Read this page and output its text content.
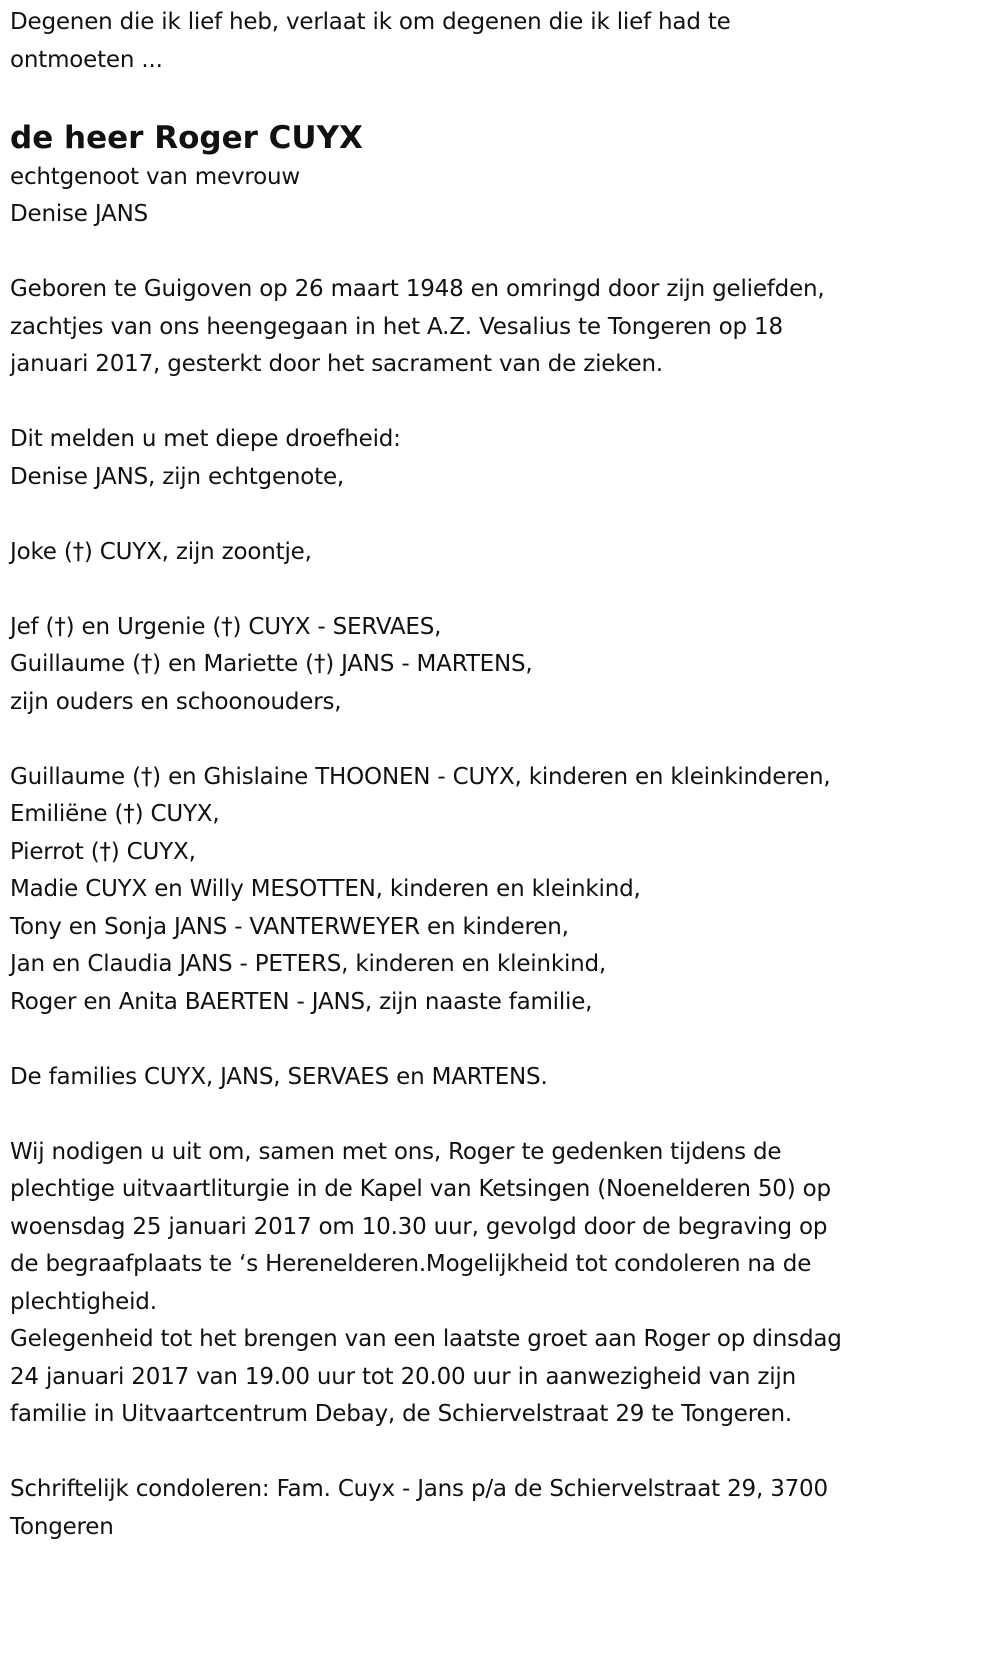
Degenen die ik lief heb, verlaat ik om degenen die ik lief had te
ontmoeten ...
de heer Roger CUYX
echtgenoot van mevrouw
Denise JANS
Geboren te Guigoven op 26 maart 1948 en omringd door zijn geliefden,
zachtjes van ons heengegaan in het A.Z. Vesalius te Tongeren op 18
januari 2017, gesterkt door het sacrament van de zieken.
Dit melden u met diepe droefheid:
Denise JANS, zijn echtgenote,
Joke (†) CUYX, zijn zoontje,
Jef (†) en Urgenie (†) CUYX - SERVAES,
Guillaume (†) en Mariette (†) JANS - MARTENS,
zijn ouders en schoonouders,
Guillaume (†) en Ghislaine THOONEN - CUYX, kinderen en kleinkinderen,
Emiliëne (†) CUYX,
Pierrot (†) CUYX,
Madie CUYX en Willy MESOTTEN, kinderen en kleinkind,
Tony en Sonja JANS - VANTERWEYER en kinderen,
Jan en Claudia JANS - PETERS, kinderen en kleinkind,
Roger en Anita BAERTEN - JANS, zijn naaste familie,
De families CUYX, JANS, SERVAES en MARTENS.
Wij nodigen u uit om, samen met ons, Roger te gedenken tijdens de
plechtige uitvaartliturgie in de Kapel van Ketsingen (Noenelderen 50) op
woensdag 25 januari 2017 om 10.30 uur, gevolgd door de begraving op
de begraafplaats te ‘s Herenelderen.Mogelijkheid tot condoleren na de
plechtigheid.
Gelegenheid tot het brengen van een laatste groet aan Roger op dinsdag
24 januari 2017 van 19.00 uur tot 20.00 uur in aanwezigheid van zijn
familie in Uitvaartcentrum Debay, de Schiervelstraat 29 te Tongeren.
Schriftelijk condoleren: Fam. Cuyx - Jans p/a de Schiervelstraat 29, 3700
Tongeren
